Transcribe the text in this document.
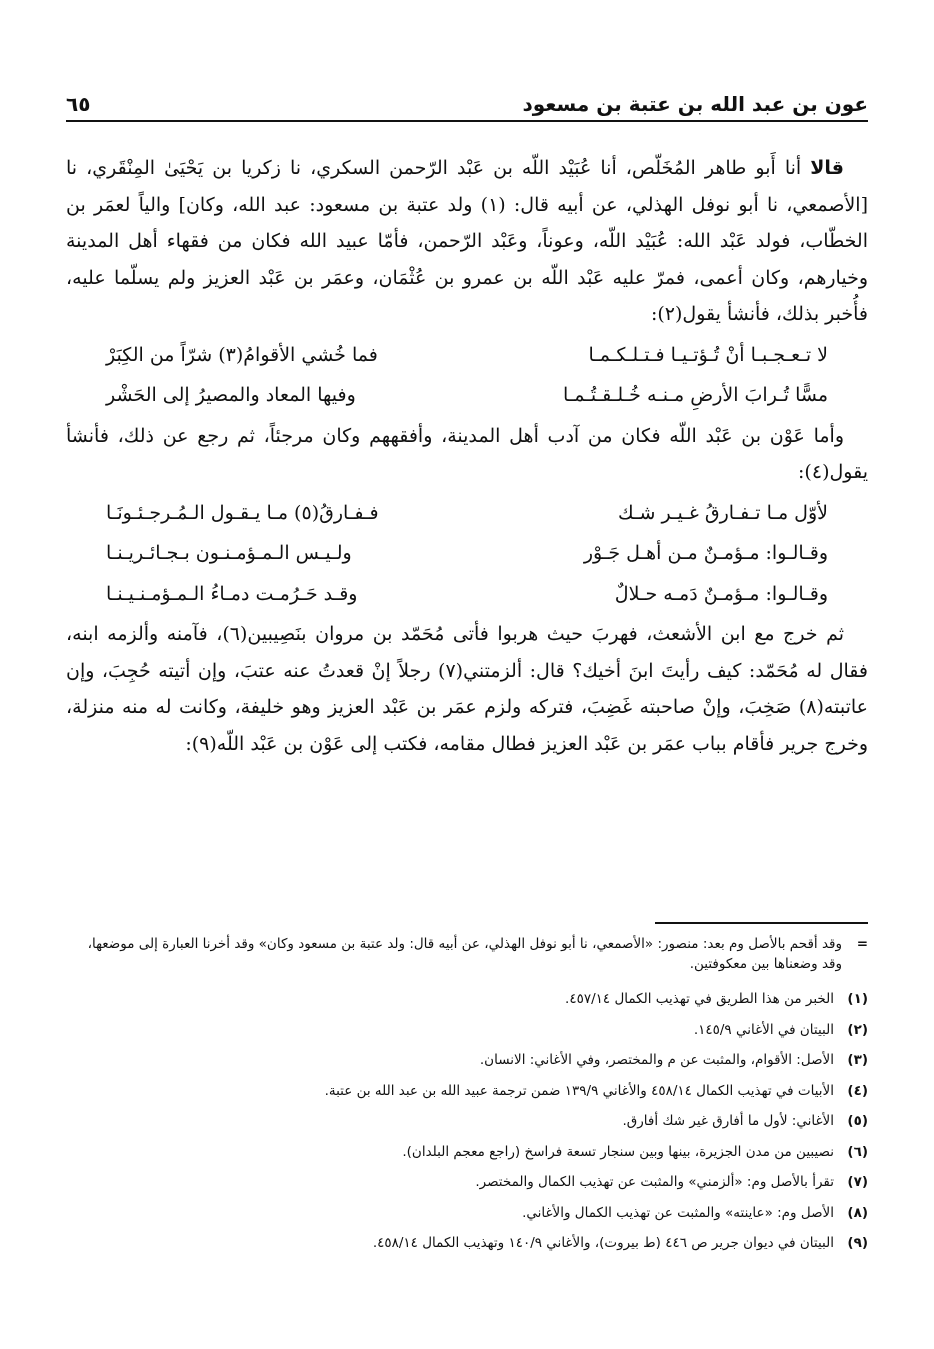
عون بن عبد الله بن عتبة بن مسعود
٦٥

قالا أنا أَبو طاهر المُخَلّص، أنا عُبَيْد اللّه بن عَبْد الرّحمن السكري، نا زكريا بن يَحْيَىٰ المِنْقَري، نا [الأصمعي، نا أبو نوفل الهذلي، عن أبيه قال: (١) ولد عتبة بن مسعود: عبد الله، وكان] والياً لعمَر بن الخطّاب، فولد عَبْد الله: عُبَيْد اللّه، وعوناً، وعَبْد الرّحمن، فأمّا عبيد الله فكان من فقهاء أهل المدينة وخيارهم، وكان أعمى، فمرّ عليه عَبْد اللّه بن عمرو بن عُثْمَان، وعمَر بن عَبْد العزيز ولم يسلّما عليه، فأُخبر بذلك، فأنشأ يقول(٢):

لا تـعـجـبـا أنْ تُـؤتـيـا فـتـلـكـمـا
فما خُشي الأقوامُ(٣) شرّاً من الكِبَرْ
مسًّا تُـرابَ الأرضِ مـنـه خُـلـقـتُـمـا
وفيها المعاد والمصيرُ إلى الحَشْر

وأما عَوْن بن عَبْد اللّه فكان من آدب أهل المدينة، وأفقههم وكان مرجئاً، ثم رجع عن ذلك، فأنشأ يقول(٤):

لأوّل مـا تـفـارقُ غـيـر شـك
فـفـارقُ(٥) مـا يـقـول الـمُـرجـئـونَـا
وقـالـوا: مـؤمـنٌ مـن أهـل جَـوْر
ولـيـس الـمـؤمـنـون بـجـائـريـنـا
وقـالـوا: مـؤمـنٌ دَمـه حـلالٌ
وقـد حَـرُمـت دمـاءُ الـمـؤمـنـيـنـا

ثم خرج مع ابن الأشعث، فهربَ حيث هربوا فأتى مُحَمّد بن مروان بنَصِيبين(٦)، فآمنه وألزمه ابنه، فقال له مُحَمّد: كيف رأيتَ ابنَ أخيك؟ قال: ألزمتني(٧) رجلاً إنْ قعدتُ عنه عتبَ، وإن أتيته حُجِبَ، وإن عاتبته(٨) صَخِبَ، وإنْ صاحبته غَضِبَ، فتركه ولزم عمَر بن عَبْد العزيز وهو خليفة، وكانت له منه منزلة، وخرج جرير فأقام بباب عمَر بن عَبْد العزيز فطال مقامه، فكتب إلى عَوْن بن عَبْد اللّه(٩):

=
وقد أقحم بالأصل وم بعد: منصور: «الأصمعي، نا أبو نوفل الهذلي، عن أبيه قال: ولد عتبة بن مسعود وكان» وقد أخرنا العبارة إلى موضعها، وقد وضعناها بين معكوفتين.
(١)
الخبر من هذا الطريق في تهذيب الكمال ٤٥٧/١٤.
(٢)
البيتان في الأغاني ١٤٥/٩.
(٣)
الأصل: الأقوام، والمثبت عن م والمختصر، وفي الأغاني: الانسان.
(٤)
الأبيات في تهذيب الكمال ٤٥٨/١٤ والأغاني ١٣٩/٩ ضمن ترجمة عبيد الله بن عبد الله بن عتبة.
(٥)
الأغاني: لأول ما أفارق غير شك أفارق.
(٦)
نصيبين من مدن الجزيرة، بينها وبين سنجار تسعة فراسخ (راجع معجم البلدان).
(٧)
تقرأ بالأصل وم: «ألزمني» والمثبت عن تهذيب الكمال والمختصر.
(٨)
الأصل وم: «عاينته» والمثبت عن تهذيب الكمال والأغاني.
(٩)
البيتان في ديوان جرير ص ٤٤٦ (ط بيروت)، والأغاني ١٤٠/٩ وتهذيب الكمال ٤٥٨/١٤.
